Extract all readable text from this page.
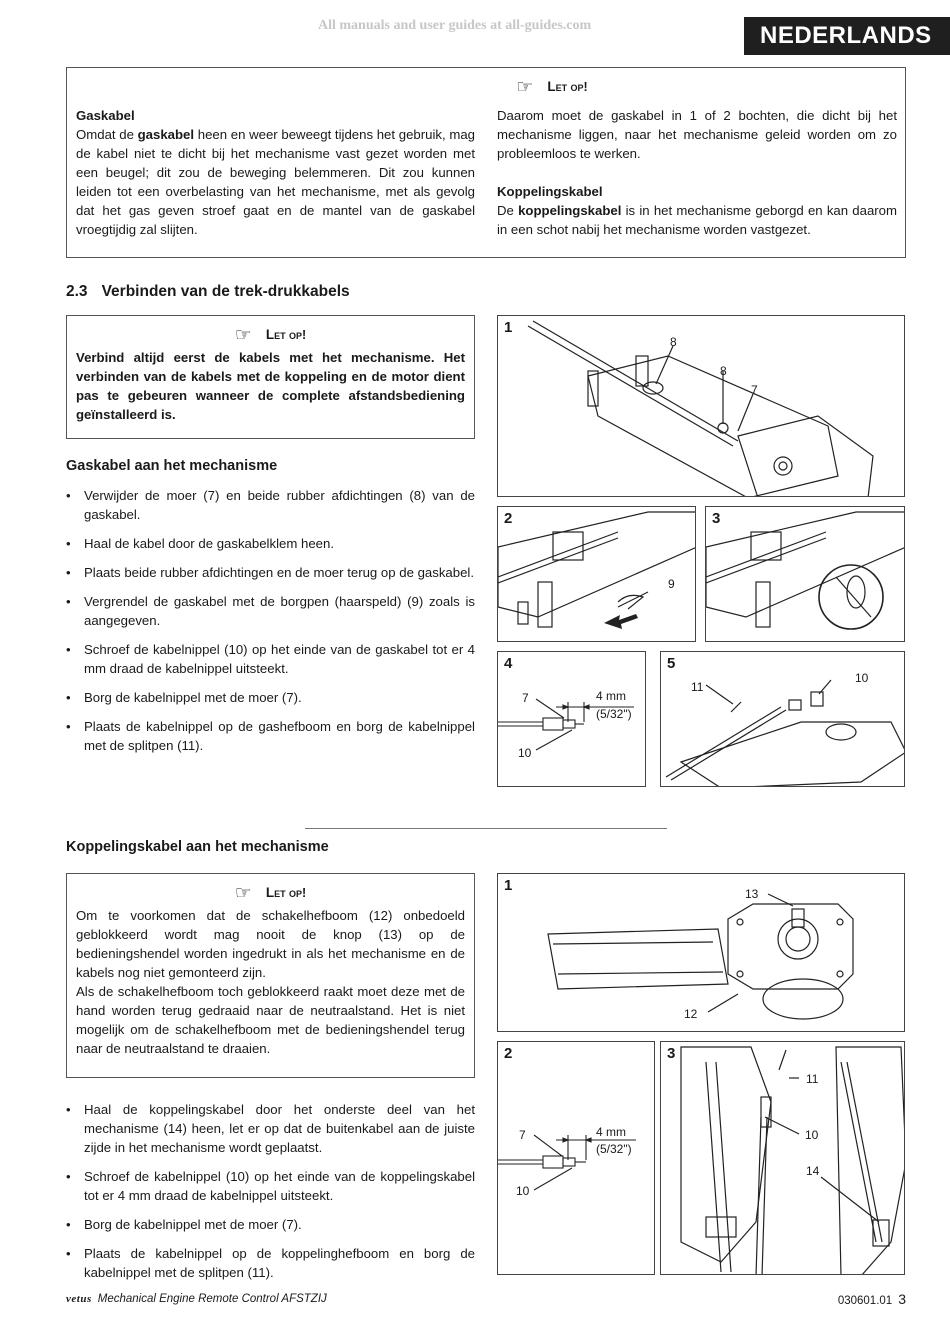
All manuals and user guides at all-guides.com	NEDERLANDS
☞ Let op!
Gaskabel

Omdat de gaskabel heen en weer beweegt tijdens het gebruik, mag de kabel niet te dicht bij het mechanisme vast gezet worden met een beugel; dit zou de beweging belemmeren. Dit zou kunnen leiden tot een overbelasting van het mechanisme, met als gevolg dat het gas geven stroef gaat en de mantel van de gaskabel vroegtijdig zal slijten.

Daarom moet de gaskabel in 1 of 2 bochten, die dicht bij het mechanisme liggen, naar het mechanisme geleid worden om zo probleemloos te werken.

Koppelingskabel

De koppelingskabel is in het mechanisme geborgd en kan daarom in een schot nabij het mechanisme worden vastgezet.

2.3 Verbinden van de trek-drukkabels
☞ Let op!

Verbind altijd eerst de kabels met het mechanisme. Het verbinden van de kabels met de koppeling en de motor dient pas te gebeuren wanneer de complete afstandsbediening geïnstalleerd is.

Gaskabel aan het mechanisme
• Verwijder de moer (7) en beide rubber afdichtingen (8) van de gaskabel.
• Haal de kabel door de gaskabelklem heen.
• Plaats beide rubber afdichtingen en de moer terug op de gaskabel.
• Vergrendel de gaskabel met de borgpen (haarspeld) (9) zoals is aangegeven.
• Schroef de kabelnippel (10) op het einde van de gaskabel tot er 4 mm draad de kabelnippel uitsteekt.
• Borg de kabelnippel met de moer (7).
• Plaats de kabelnippel op de gashefboom en borg de kabelnippel met de splitpen (11).
1
8
8
7
2
9
3
4
7	4 mm
(5/32")
10
5
11
10
Koppelingskabel aan het mechanisme
☞ Let op!

Om te voorkomen dat de schakelhefboom (12) onbedoeld geblokkeerd wordt mag nooit de knop (13) op de bedieningshendel worden ingedrukt in als het mechanisme en de kabels nog niet gemonteerd zijn.

Als de schakelhefboom toch geblokkeerd raakt moet deze met de hand worden terug gedraaid naar de neutraalstand. Het is niet mogelijk om de schakelhefboom met de bedieningshendel terug naar de neutraalstand te draaien.

• Haal de koppelingskabel door het onderste deel van het mechanisme (14) heen, let er op dat de buitenkabel aan de juiste zijde in het mechanisme wordt geplaatst.
• Schroef de kabelnippel (10) op het einde van de koppelingskabel tot er 4 mm draad de kabelnippel uitsteekt.
• Borg de kabelnippel met de moer (7).
• Plaats de kabelnippel op de koppelinghefboom en borg de kabelnippel met de splitpen (11).
1	13
12
2
7	4 mm
(5/32")
10
3
11
10
14
vetus Mechanical Engine Remote Control AFSTZIJ	030601.01 3
